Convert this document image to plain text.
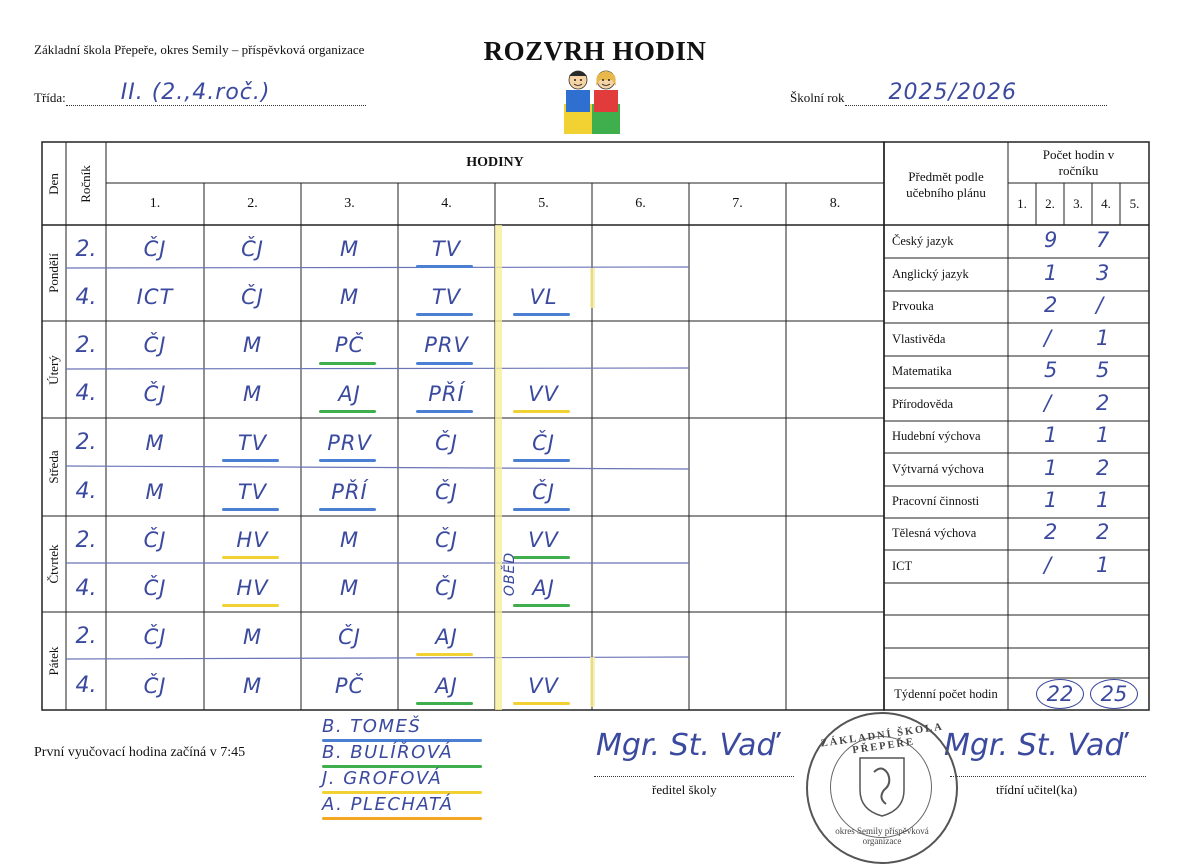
Základní škola Přepeře, okres Semily – příspěvková organizace	ROZVRH HODIN
Třída:	II. (2.,4.roč.)	Školní rok 2025/2026
Den Ročník
HODINY
1.	2.	3.	4.	5.	6.	7.	8.
Předmět podle učebního plánu
Počet hodin v ročníku
1.	2.	3.	4.	5.
Pondělí
2.	ČJ	ČJ	M	TV
4.	ICT	ČJ	M	TV	VL
Úterý
2.	ČJ	M	PČ	PRV
4.	ČJ	M	AJ	PŘÍ	VV
Středa
2.	M	TV	PRV	ČJ	ČJ
4.	M	TV	PŘÍ	ČJ	ČJ
Čtvrtek
2.	ČJ	HV	M	ČJ	VV
4.	ČJ	HV	M	ČJ	AJ
Pátek
2.	ČJ	M	ČJ	AJ
4.	ČJ	M	PČ	AJ	VV
OBĚD
Český jazyk	9 7
Anglický jazyk	1 3
Prvouka	2 /
Vlastivěda	/ 1
Matematika	5 5
Přírodověda	/ 2
Hudební výchova	1 1
Výtvarná výchova	1 2
Pracovní činnosti	1 1
Tělesná výchova	2 2
ICT	/ 1
Týdenní počet hodin	22	25
První vyučovací hodina začíná v 7:45
B. TOMEŠ
B. BULÍŘOVÁ
J. GROFOVÁ
A. PLECHATÁ
Mgr. St. Vaď
ředitel školy
Mgr. St. Vaď
třídní učitel(ka)
ZÁKLADNÍ ŠKOLA PŘEPEŘE
okres Semily příspěvková organizace
